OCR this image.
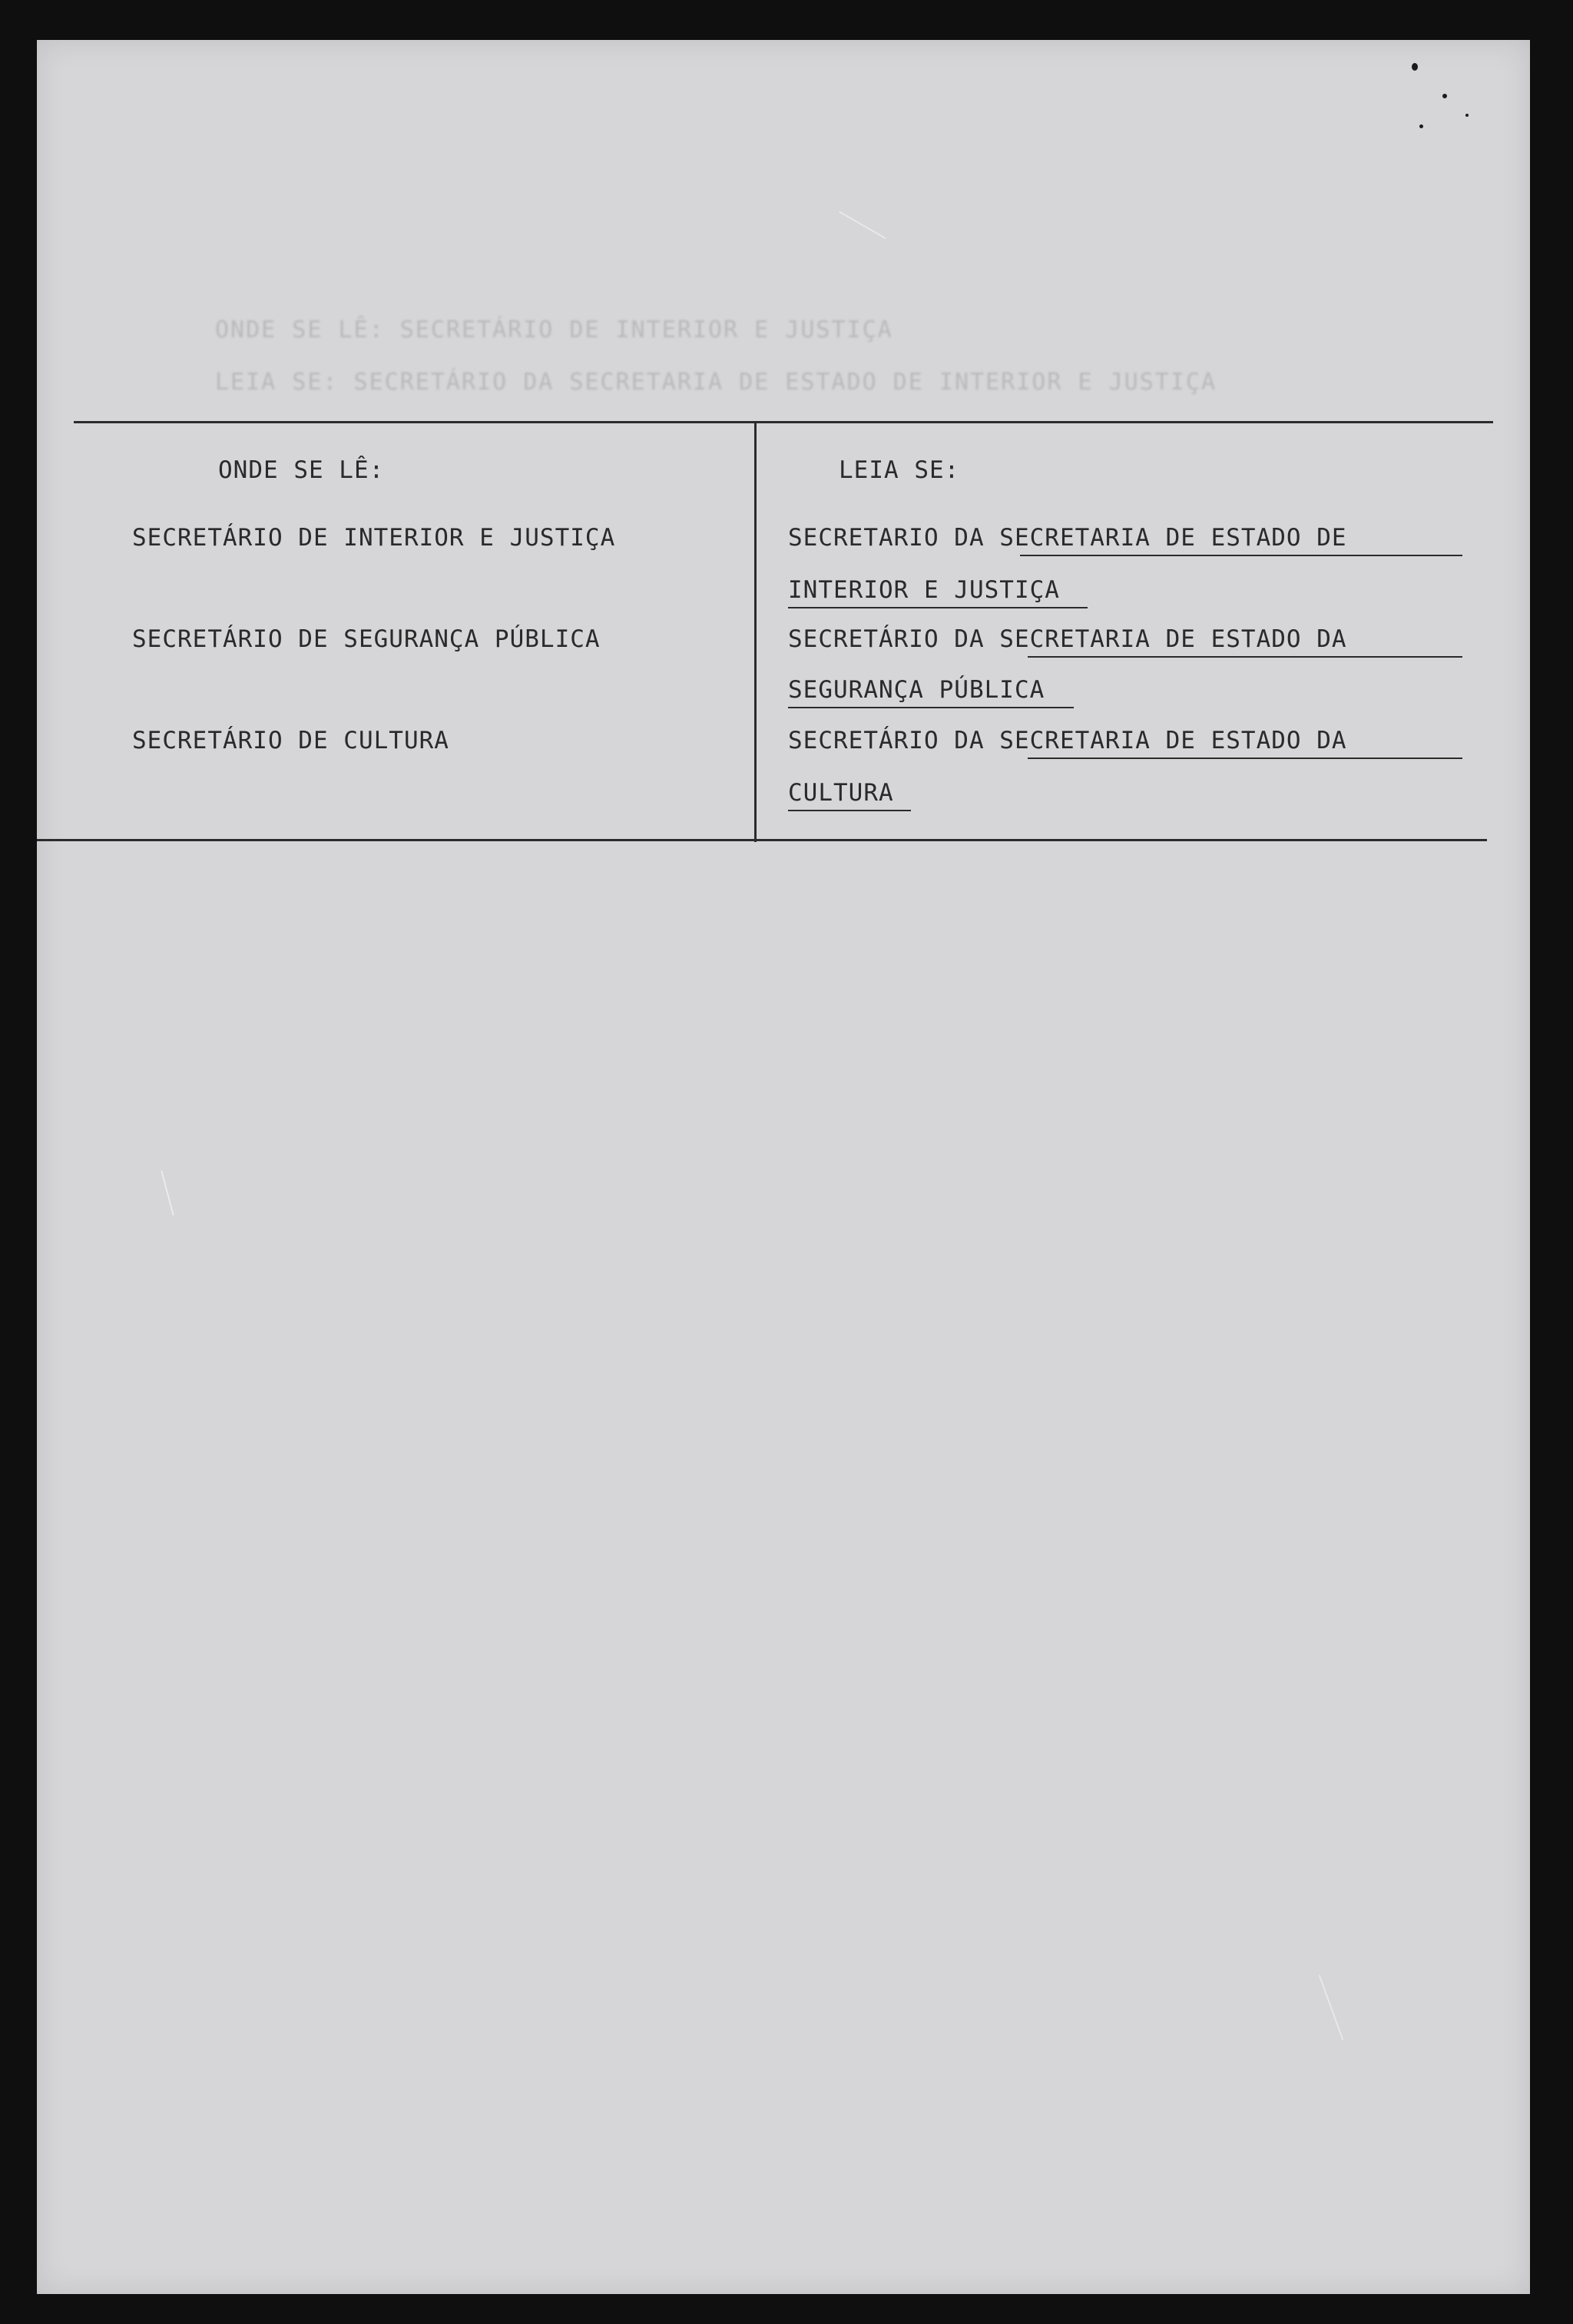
ONDE SE LÊ: SECRETÁRIO DE INTERIOR E JUSTIÇA
LEIA SE: SECRETÁRIO DA SECRETARIA DE ESTADO DE INTERIOR E JUSTIÇA
ONDE SE LÊ:	LEIA SE:
SECRETÁRIO DE INTERIOR E JUSTIÇA	SECRETARIO DA SECRETARIA DE ESTADO DE
INTERIOR E JUSTIÇA
SECRETÁRIO DE SEGURANÇA PÚBLICA	SECRETÁRIO DA SECRETARIA DE ESTADO DA
SEGURANÇA PÚBLICA
SECRETÁRIO DE CULTURA	SECRETÁRIO DA SECRETARIA DE ESTADO DA
CULTURA
